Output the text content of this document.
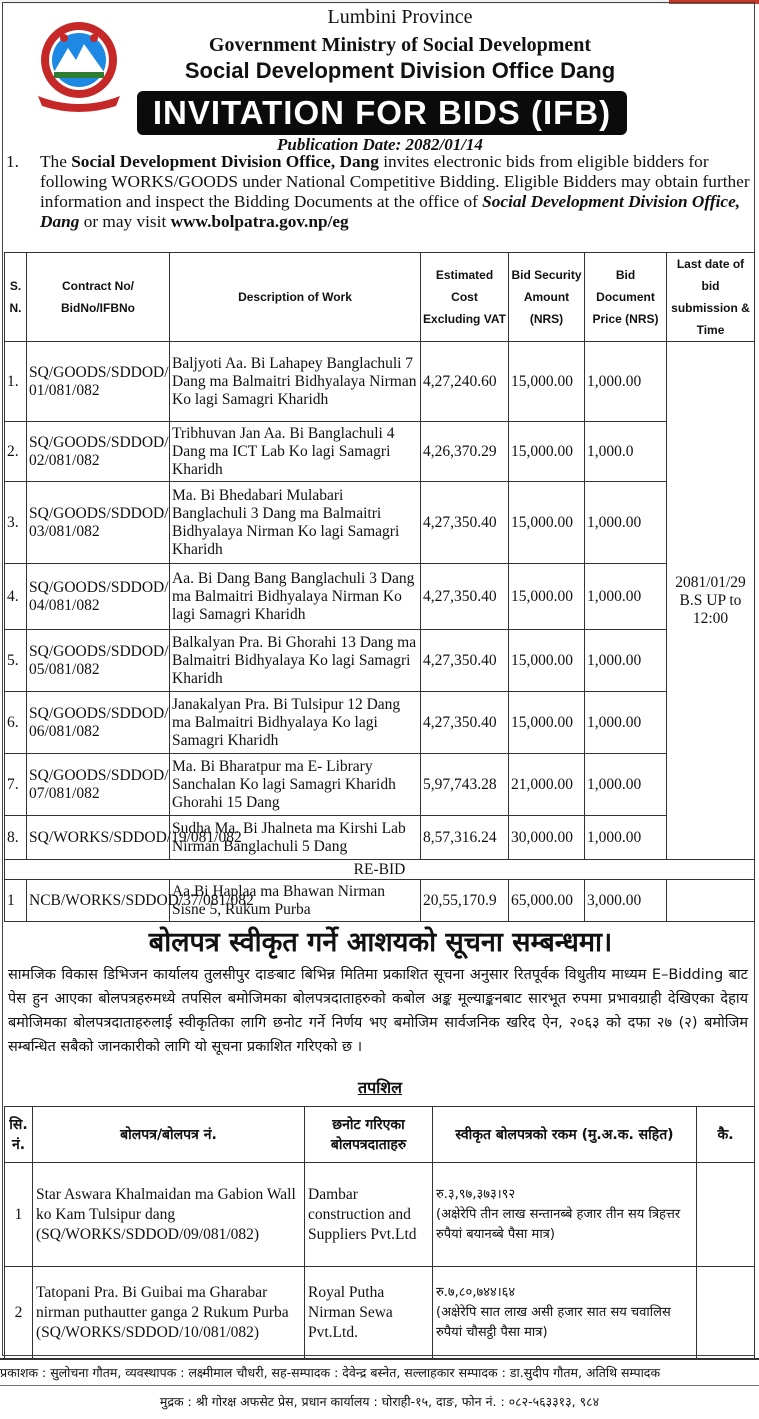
Lumbini Province
Government Ministry of Social Development
Social Development Division Office Dang
INVITATION FOR BIDS (IFB)
Publication Date: 2082/01/14
1. The Social Development Division Office, Dang invites electronic bids from eligible bidders for following WORKS/GOODS under National Competitive Bidding. Eligible Bidders may obtain further information and inspect the Bidding Documents at the office of Social Development Division Office, Dang or may visit www.bolpatra.gov.np/eg
S. N.	Contract No/ BidNo/IFBNo	Description of Work	Estimated Cost Excluding VAT	Bid Security Amount (NRS)	Bid Document Price (NRS)	Last date of bid submission & Time
1.	SQ/GOODS/SDDOD/ 01/081/082	Baljyoti Aa. Bi Lahapey Banglachuli 7 Dang ma Balmaitri Bidhyalaya Nirman Ko lagi Samagri Kharidh	4,27,240.60	15,000.00	1,000.00	2081/01/29 B.S UP to 12:00
2.	SQ/GOODS/SDDOD/ 02/081/082	Tribhuvan Jan Aa. Bi Banglachuli 4 Dang ma ICT Lab Ko lagi Samagri Kharidh	4,26,370.29	15,000.00	1,000.0	
3.	SQ/GOODS/SDDOD/ 03/081/082	Ma. Bi Bhedabari Mulabari Banglachuli 3 Dang ma Balmaitri Bidhyalaya Nirman Ko lagi Samagri Kharidh	4,27,350.40	15,000.00	1,000.00	
4.	SQ/GOODS/SDDOD/ 04/081/082	Aa. Bi Dang Bang Banglachuli 3 Dang ma Balmaitri Bidhyalaya Nirman Ko lagi Samagri Kharidh	4,27,350.40	15,000.00	1,000.00	
5.	SQ/GOODS/SDDOD/ 05/081/082	Balkalyan Pra. Bi Ghorahi 13 Dang ma Balmaitri Bidhyalaya Ko lagi Samagri Kharidh	4,27,350.40	15,000.00	1,000.00	
6.	SQ/GOODS/SDDOD/ 06/081/082	Janakalyan Pra. Bi Tulsipur 12 Dang ma Balmaitri Bidhyalaya Ko lagi Samagri Kharidh	4,27,350.40	15,000.00	1,000.00	
7.	SQ/GOODS/SDDOD/ 07/081/082	Ma. Bi Bharatpur ma E- Library Sanchalan Ko lagi Samagri Kharidh Ghorahi 15 Dang	5,97,743.28	21,000.00	1,000.00	
8.	SQ/WORKS/SDDOD/19/081/082	Sudha Ma. Bi Jhalneta ma Kirshi Lab Nirman Banglachuli 5 Dang	8,57,316.24	30,000.00	1,000.00	
RE-BID						
1	NCB/WORKS/SDDOD/37/081/082	Aa.Bi Haplaa ma Bhawan Nirman Sisne 5, Rukum Purba	20,55,170.9	65,000.00	3,000.00	
बोलपत्र स्वीकृत गर्ने आशयको सूचना सम्बन्धमा।
सामजिक विकास डिभिजन कार्यालय तुलसीपुर दाङबाट बिभिन्न मितिमा प्रकाशित सूचना अनुसार रितपूर्वक विधुतीय माध्यम E–Bidding बाट पेस हुन आएका बोलपत्रहरुमध्ये तपसिल बमोजिमका बोलपत्रदाताहरुको कबोल अङ्क मूल्याङ्कनबाट सारभूत रुपमा प्रभावग्राही देखिएका देहाय बमोजिमका बोलपत्रदाताहरुलाई स्वीकृतिका लागि छनोट गर्ने निर्णय भए बमोजिम सार्वजनिक खरिद ऐन, २०६३ को दफा २७ (२) बमोजिम सम्बन्धित सबैको जानकारीको लागि यो सूचना प्रकाशित गरिएको छ ।
तपशिल
सि. नं.	बोलपत्र/बोलपत्र नं.	छनोट गरिएका बोलपत्रदाताहरु	स्वीकृत बोलपत्रको रकम (मु.अ.क. सहित)	कै.
1	Star Aswara Khalmaidan ma Gabion Wall ko Kam Tulsipur dang (SQ/WORKS/SDDOD/09/081/082)	Dambar construction and Suppliers Pvt.Ltd	रु.३,९७,३७३।९२
(अक्षेरेपि तीन लाख सन्तानब्बे हजार तीन सय त्रिहत्तर रुपैयां बयानब्बे पैसा मात्र)	

2	Tatopani Pra. Bi Guibai ma Gharabar nirman puthautter ganga 2 Rukum Purba (SQ/WORKS/SDDOD/10/081/082)	Royal Putha Nirman Sewa Pvt.Ltd.	रु.७,८०,७४४।६४
(अक्षेरेपि सात लाख असी हजार सात सय चवालिस रुपैयां चौसट्ठी पैसा मात्र)	

प्रकाशक : सुलोचना गौतम, व्यवस्थापक : लक्ष्मीमाल चौधरी, सह-सम्पादक : देवेन्द्र बस्नेत, सल्लाहकार सम्पादक : डा.सुदीप गौतम, अतिथि सम्पादक
मुद्रक : श्री गोरक्ष अफसेट प्रेस, प्रधान कार्यालय : घोराही-१५, दाङ, फोन नं. : ०८२-५६३३१३, ९८४
